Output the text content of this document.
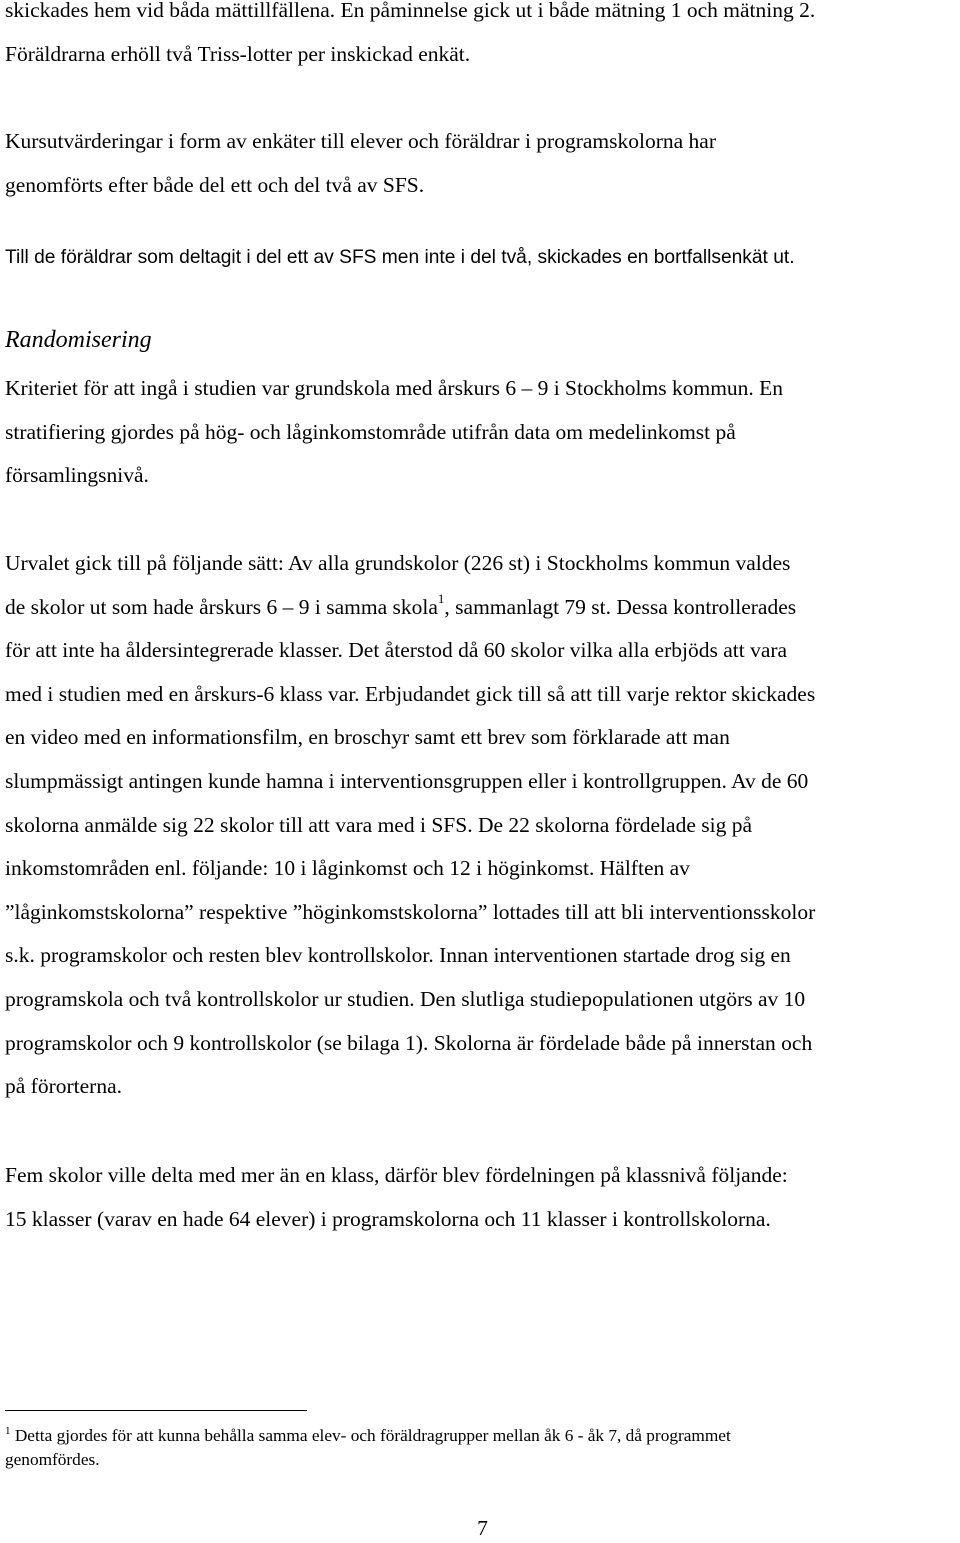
skickades hem vid båda mättillfällena. En påminnelse gick ut i både mätning 1 och mätning 2.
Föräldrarna erhöll två Triss-lotter per inskickad enkät.

Kursutvärderingar i form av enkäter till elever och föräldrar i programskolorna har
genomförts efter både del ett och del två av SFS.

Till de föräldrar som deltagit i del ett av SFS men inte i del två, skickades en bortfallsenkät ut.

Randomisering

Kriteriet för att ingå i studien var grundskola med årskurs 6 – 9 i Stockholms kommun. En
stratifiering gjordes på hög- och låginkomstområde utifrån data om medelinkomst på
församlingsnivå.

Urvalet gick till på följande sätt: Av alla grundskolor (226 st) i Stockholms kommun valdes
de skolor ut som hade årskurs 6 – 9 i samma skola$^1$, sammanlagt 79 st. Dessa kontrollerades
för att inte ha åldersintegrerade klasser. Det återstod då 60 skolor vilka alla erbjöds att vara
med i studien med en årskurs-6 klass var. Erbjudandet gick till så att till varje rektor skickades
en video med en informationsfilm, en broschyr samt ett brev som förklarade att man
slumpmässigt antingen kunde hamna i interventionsgruppen eller i kontrollgruppen. Av de 60
skolorna anmälde sig 22 skolor till att vara med i SFS. De 22 skolorna fördelade sig på
inkomstområden enl. följande: 10 i låginkomst och 12 i höginkomst. Hälften av
”låginkomstskolorna” respektive ”höginkomstskolorna” lottades till att bli interventionsskolor
s.k. programskolor och resten blev kontrollskolor. Innan interventionen startade drog sig en
programskola och två kontrollskolor ur studien. Den slutliga studiepopulationen utgörs av 10
programskolor och 9 kontrollskolor (se bilaga 1). Skolorna är fördelade både på innerstan och
på förorterna.

Fem skolor ville delta med mer än en klass, därför blev fördelningen på klassnivå följande:
15 klasser (varav en hade 64 elever) i programskolorna och 11 klasser i kontrollskolorna.

$^1$ Detta gjordes för att kunna behålla samma elev- och föräldragrupper mellan åk 6 - åk 7, då programmet
genomfördes.
7
